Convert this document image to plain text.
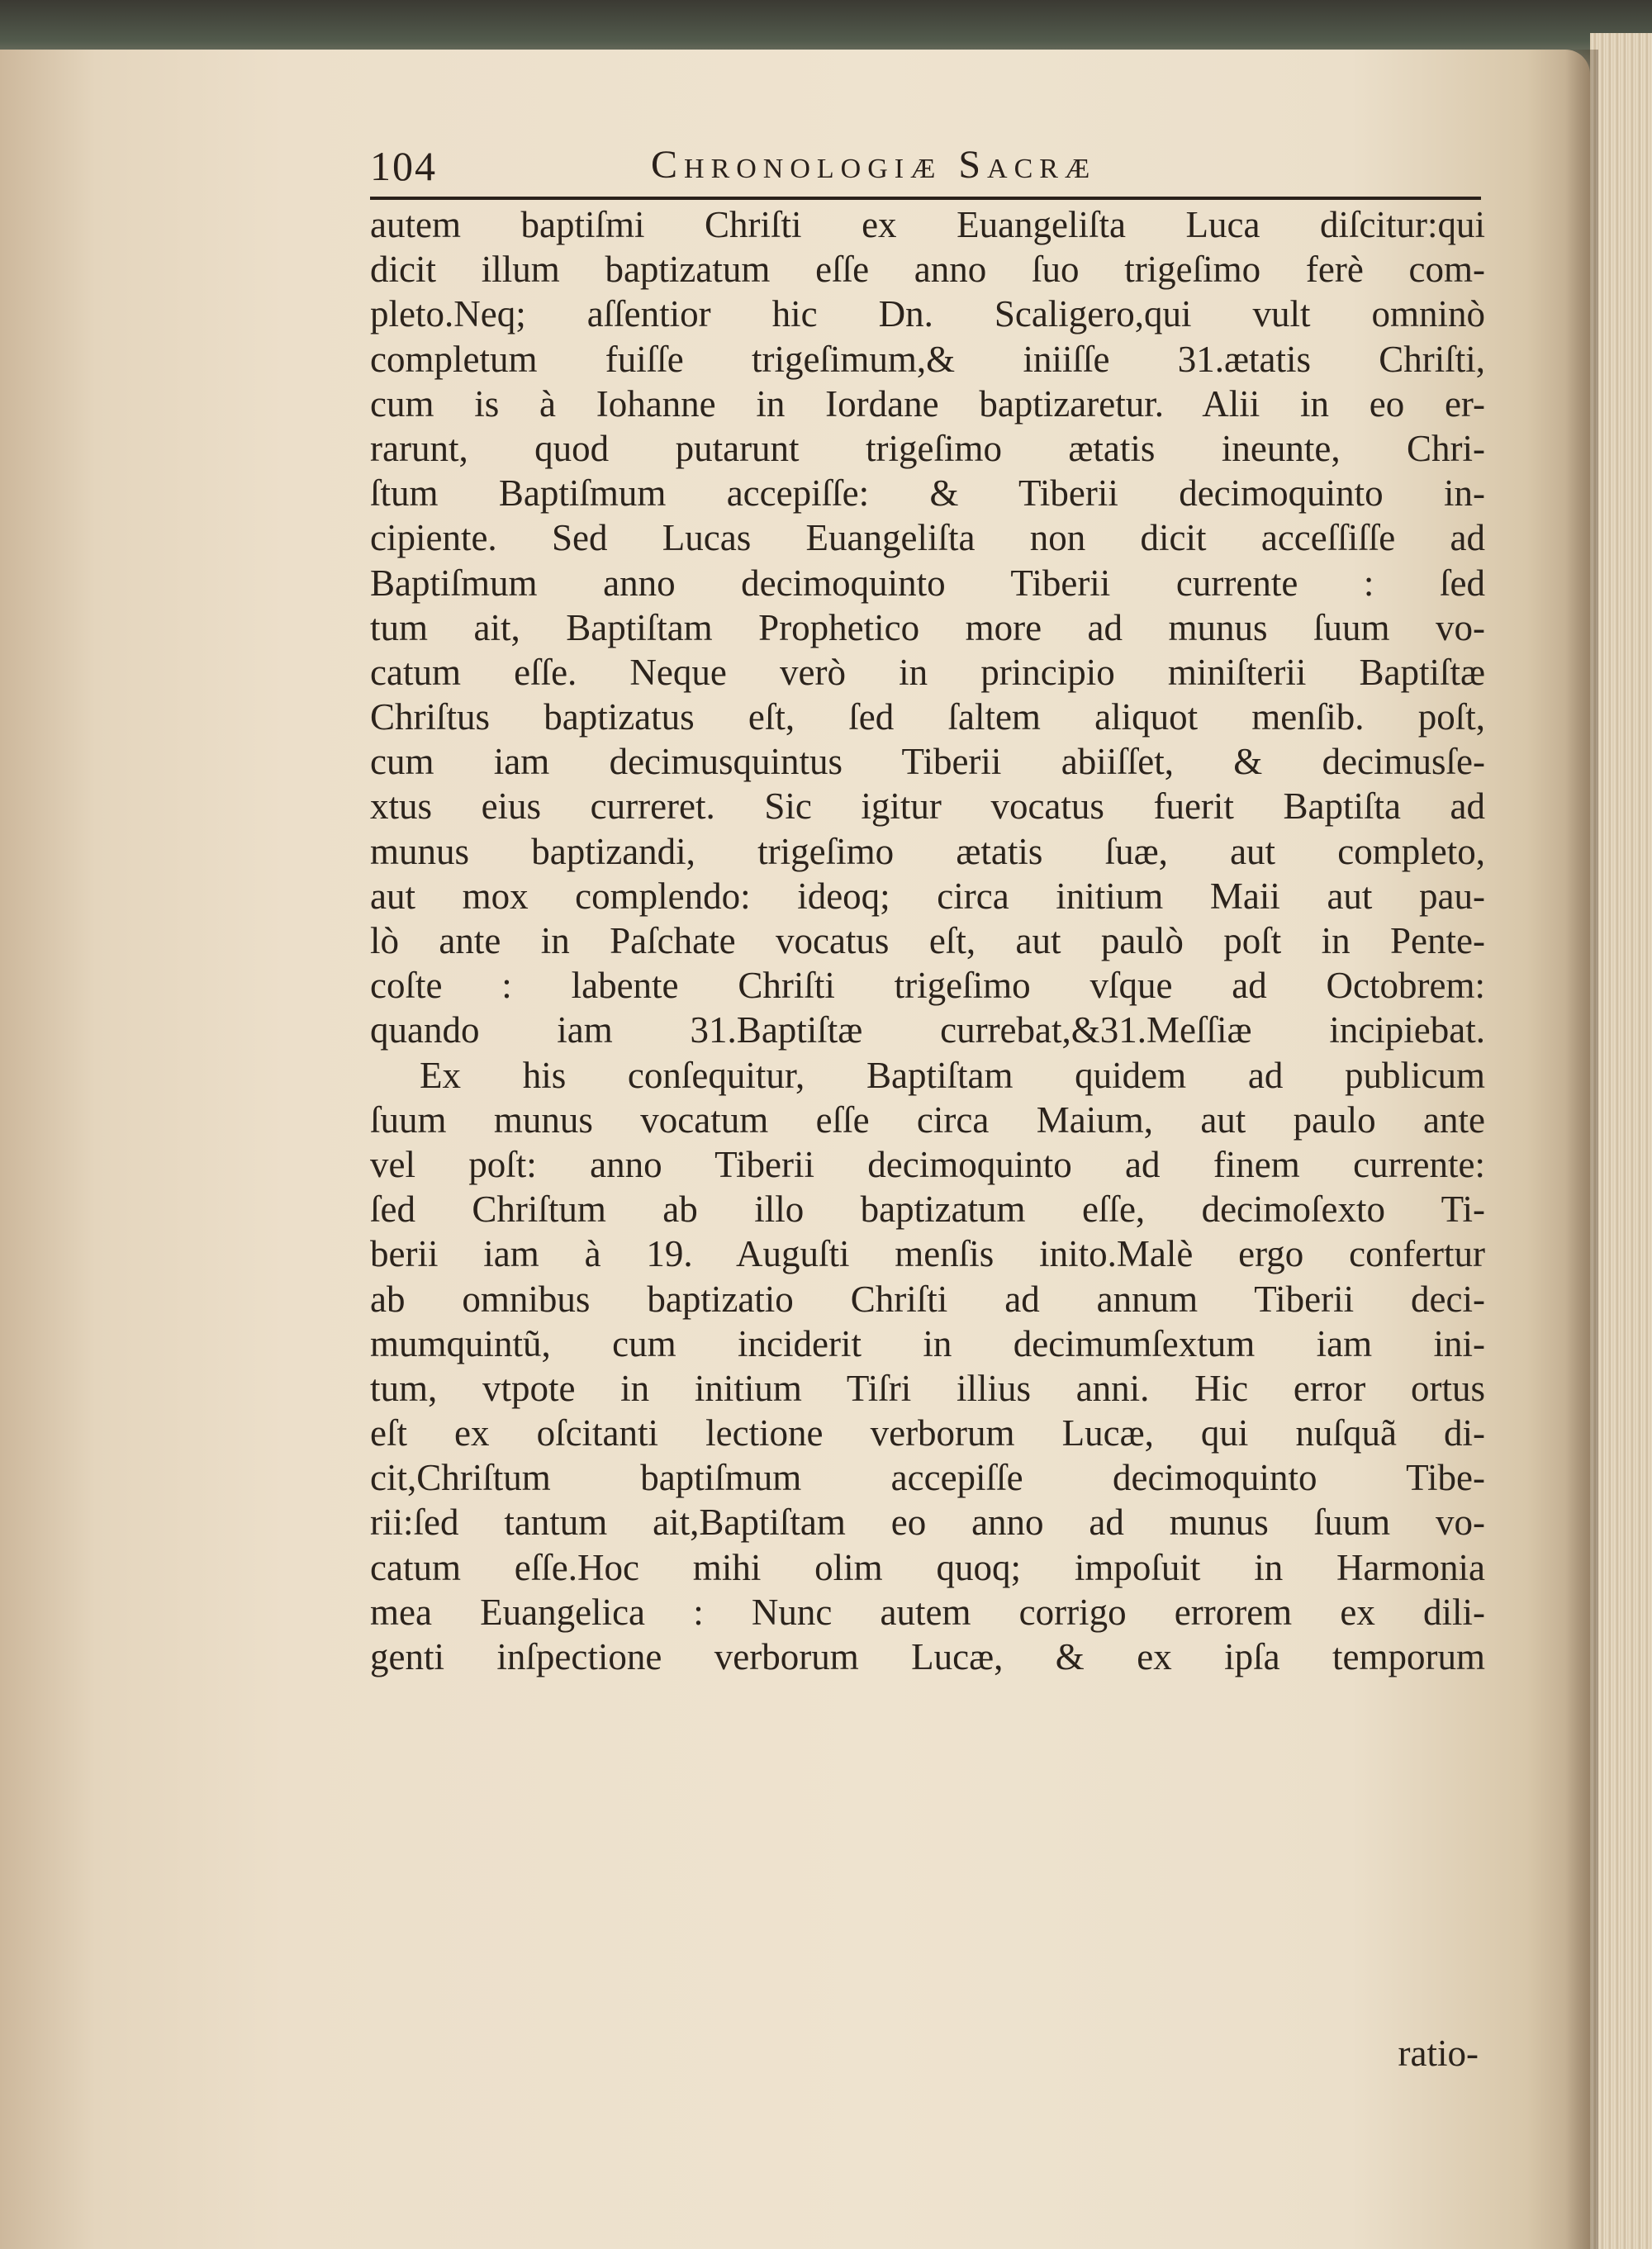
104	Chronologiæ Sacræ
autem baptiſmi Chriſti ex Euangeliſta Luca diſcitur:qui
dicit illum baptizatum eſſe anno ſuo trigeſimo ferè com-
pleto.Neq; aſſentior hic Dn. Scaligero,qui vult omninò
completum fuiſſe trigeſimum,& iniiſſe 31.ætatis Chriſti,
cum is à Iohanne in Iordane baptizaretur. Alii in eo er-
rarunt, quod putarunt trigeſimo ætatis ineunte, Chri-
ſtum Baptiſmum accepiſſe: & Tiberii decimoquinto in-
cipiente. Sed Lucas Euangeliſta non dicit acceſſiſſe ad
Baptiſmum anno decimoquinto Tiberii currente : ſed
tum ait, Baptiſtam Prophetico more ad munus ſuum vo-
catum eſſe. Neque verò in principio miniſterii Baptiſtæ
Chriſtus baptizatus eſt, ſed ſaltem aliquot menſib. poſt,
cum iam decimusquintus Tiberii abiiſſet, & decimusſe-
xtus eius curreret. Sic igitur vocatus fuerit Baptiſta ad
munus baptizandi, trigeſimo ætatis ſuæ, aut completo,
aut mox complendo: ideoq; circa initium Maii aut pau-
lò ante in Paſchate vocatus eſt, aut paulò poſt in Pente-
coſte : labente Chriſti trigeſimo vſque ad Octobrem:
quando iam 31.Baptiſtæ currebat,&31.Meſſiæ incipiebat.
Ex his conſequitur, Baptiſtam quidem ad publicum
ſuum munus vocatum eſſe circa Maium, aut paulo ante
vel poſt: anno Tiberii decimoquinto ad finem currente:
ſed Chriſtum ab illo baptizatum eſſe, decimoſexto Ti-
berii iam à 19. Auguſti menſis inito.Malè ergo confertur
ab omnibus baptizatio Chriſti ad annum Tiberii deci-
mumquintũ, cum inciderit in decimumſextum iam ini-
tum, vtpote in initium Tiſri illius anni. Hic error ortus
eſt ex oſcitanti lectione verborum Lucæ, qui nuſquã di-
cit,Chriſtum baptiſmum accepiſſe decimoquinto Tibe-
rii:ſed tantum ait,Baptiſtam eo anno ad munus ſuum vo-
catum eſſe.Hoc mihi olim quoq; impoſuit in Harmonia
mea Euangelica : Nunc autem corrigo errorem ex dili-
genti inſpectione verborum Lucæ, & ex ipſa temporum
ratio-
